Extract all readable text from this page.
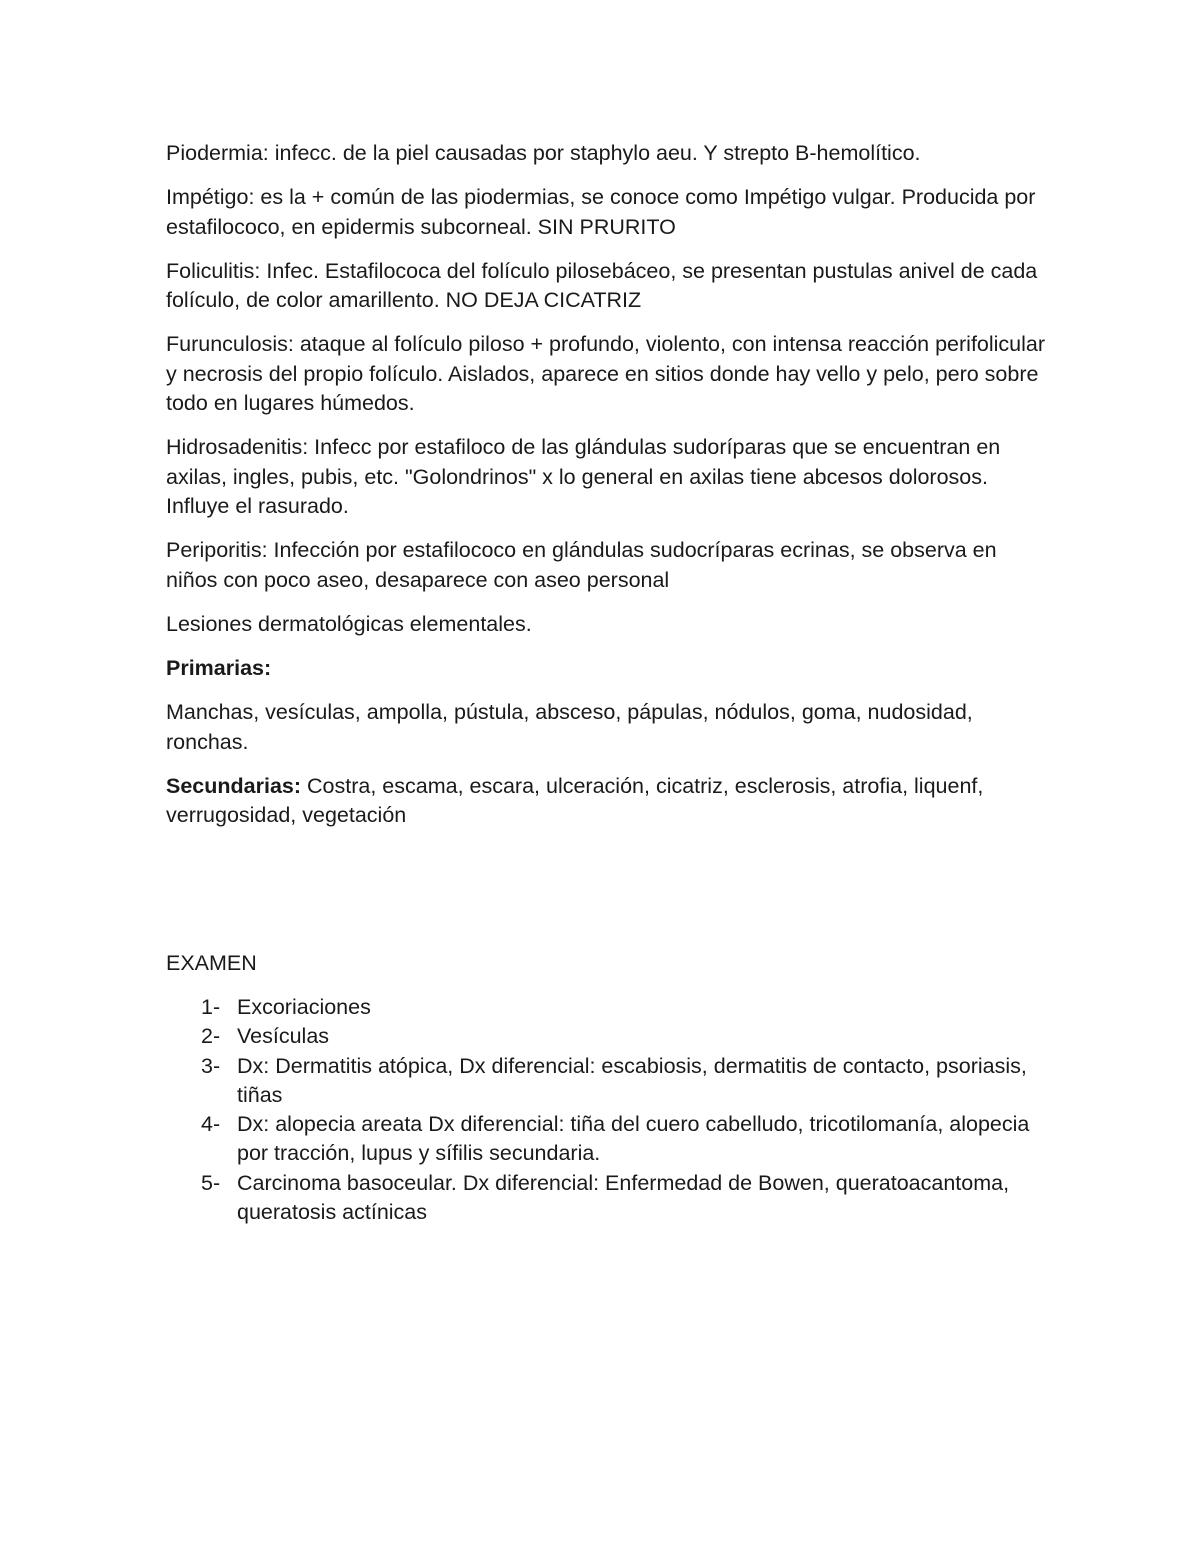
Piodermia: infecc. de la piel causadas por staphylo aeu. Y strepto B-hemolítico.

Impétigo: es la + común de las piodermias, se conoce como Impétigo vulgar. Producida por estafilococo, en epidermis subcorneal. SIN PRURITO

Foliculitis: Infec. Estafilococa del folículo pilosebáceo, se presentan pustulas anivel de cada folículo, de color amarillento. NO DEJA CICATRIZ

Furunculosis: ataque al folículo piloso + profundo, violento, con intensa reacción perifolicular y necrosis del propio folículo. Aislados, aparece en sitios donde hay vello y pelo, pero sobre todo en lugares húmedos.

Hidrosadenitis: Infecc por estafiloco de las glándulas sudoríparas que se encuentran en axilas, ingles, pubis, etc. "Golondrinos" x lo general en axilas tiene abcesos dolorosos. Influye el rasurado.

Periporitis: Infección por estafilococo en glándulas sudocríparas ecrinas, se observa en niños con poco aseo, desaparece con aseo personal

Lesiones dermatológicas elementales.

Primarias:

Manchas, vesículas, ampolla, pústula, absceso, pápulas, nódulos, goma, nudosidad, ronchas.

Secundarias: Costra, escama, escara, ulceración, cicatriz, esclerosis, atrofia, liquenf, verrugosidad, vegetación

EXAMEN

1- Excoriaciones
2- Vesículas
3- Dx: Dermatitis atópica, Dx diferencial: escabiosis, dermatitis de contacto, psoriasis, tiñas
4- Dx: alopecia areata Dx diferencial: tiña del cuero cabelludo, tricotilomanía, alopecia por tracción, lupus y sífilis secundaria.
5- Carcinoma basoceular. Dx diferencial: Enfermedad de Bowen, queratoacantoma, queratosis actínicas
